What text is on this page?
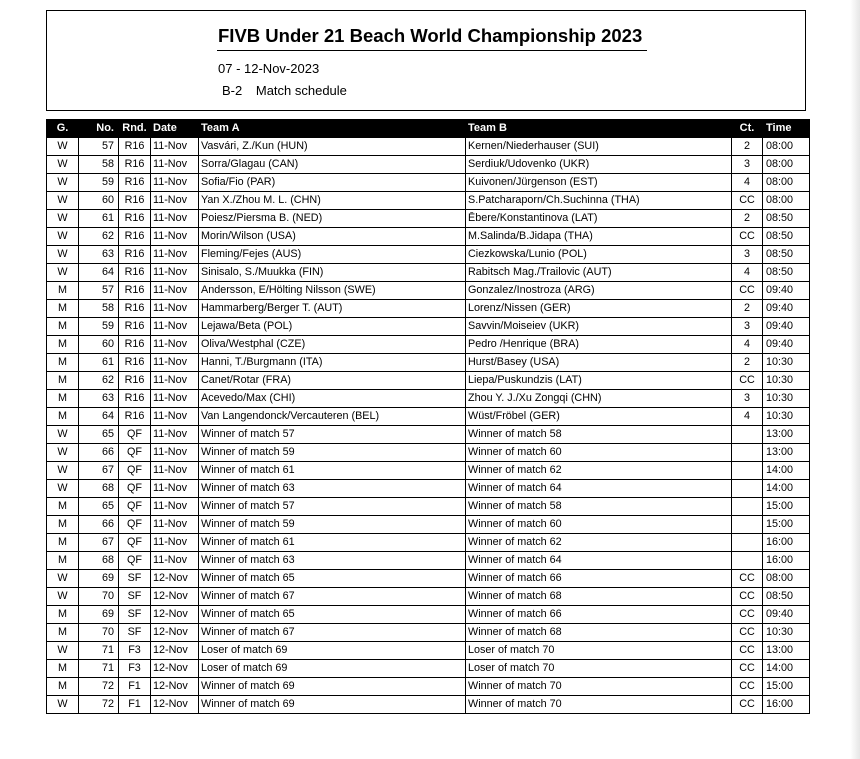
FIVB Under 21 Beach World Championship 2023
07 - 12-Nov-2023
B-2 Match schedule
G.	No.	Rnd.	Date	Team A	Team B	Ct.	Time
W	57	R16	11-Nov	Vasvári, Z./Kun (HUN)	Kernen/Niederhauser (SUI)	2	08:00
W	58	R16	11-Nov	Sorra/Glagau (CAN)	Serdiuk/Udovenko (UKR)	3	08:00
W	59	R16	11-Nov	Sofia/Fio (PAR)	Kuivonen/Jürgenson (EST)	4	08:00
W	60	R16	11-Nov	Yan X./Zhou M. L. (CHN)	S.Patcharaporn/Ch.Suchinna (THA)	CC	08:00
W	61	R16	11-Nov	Poiesz/Piersma B. (NED)	Ēbere/Konstantinova (LAT)	2	08:50
W	62	R16	11-Nov	Morin/Wilson (USA)	M.Salinda/B.Jidapa (THA)	CC	08:50
W	63	R16	11-Nov	Fleming/Fejes (AUS)	Ciezkowska/Lunio (POL)	3	08:50
W	64	R16	11-Nov	Sinisalo, S./Muukka (FIN)	Rabitsch Mag./Trailovic (AUT)	4	08:50
M	57	R16	11-Nov	Andersson, E/Hölting Nilsson (SWE)	Gonzalez/Inostroza (ARG)	CC	09:40
M	58	R16	11-Nov	Hammarberg/Berger T. (AUT)	Lorenz/Nissen (GER)	2	09:40
M	59	R16	11-Nov	Lejawa/Beta (POL)	Savvin/Moiseiev (UKR)	3	09:40
M	60	R16	11-Nov	Oliva/Westphal (CZE)	Pedro /Henrique (BRA)	4	09:40
M	61	R16	11-Nov	Hanni, T./Burgmann (ITA)	Hurst/Basey (USA)	2	10:30
M	62	R16	11-Nov	Canet/Rotar (FRA)	Liepa/Puskundzis (LAT)	CC	10:30
M	63	R16	11-Nov	Acevedo/Max (CHI)	Zhou Y. J./Xu Zongqi (CHN)	3	10:30
M	64	R16	11-Nov	Van Langendonck/Vercauteren (BEL)	Wüst/Fröbel (GER)	4	10:30
W	65	QF	11-Nov	Winner of match 57	Winner of match 58		13:00
W	66	QF	11-Nov	Winner of match 59	Winner of match 60		13:00
W	67	QF	11-Nov	Winner of match 61	Winner of match 62		14:00
W	68	QF	11-Nov	Winner of match 63	Winner of match 64		14:00
M	65	QF	11-Nov	Winner of match 57	Winner of match 58		15:00
M	66	QF	11-Nov	Winner of match 59	Winner of match 60		15:00
M	67	QF	11-Nov	Winner of match 61	Winner of match 62		16:00
M	68	QF	11-Nov	Winner of match 63	Winner of match 64		16:00
W	69	SF	12-Nov	Winner of match 65	Winner of match 66	CC	08:00
W	70	SF	12-Nov	Winner of match 67	Winner of match 68	CC	08:50
M	69	SF	12-Nov	Winner of match 65	Winner of match 66	CC	09:40
M	70	SF	12-Nov	Winner of match 67	Winner of match 68	CC	10:30
W	71	F3	12-Nov	Loser of match 69	Loser of match 70	CC	13:00
M	71	F3	12-Nov	Loser of match 69	Loser of match 70	CC	14:00
M	72	F1	12-Nov	Winner of match 69	Winner of match 70	CC	15:00
W	72	F1	12-Nov	Winner of match 69	Winner of match 70	CC	16:00
